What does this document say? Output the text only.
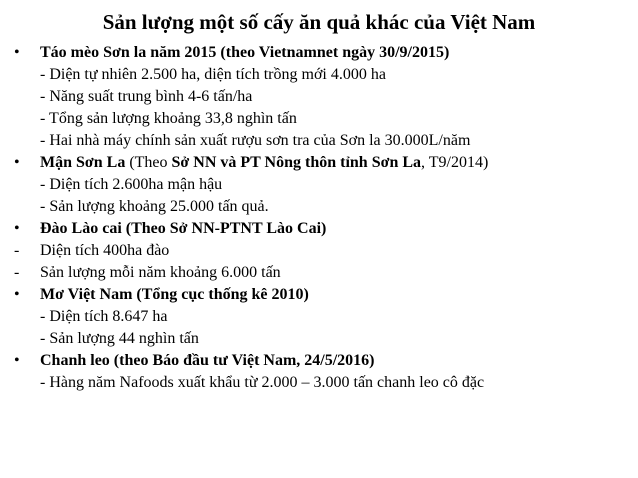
Sản lượng một số cấy ăn quả khác của Việt Nam
•	Táo mèo Sơn la năm 2015 (theo Vietnamnet ngày 30/9/2015)
- Diện tự nhiên 2.500 ha, diện tích trồng mới 4.000 ha
- Năng suất trung bình 4-6 tấn/ha
- Tổng sản lượng khoảng 33,8 nghìn tấn
- Hai nhà máy chính sản xuất rượu sơn tra của Sơn la 30.000L/năm
•	Mận Sơn La (Theo Sở NN và PT Nông thôn tỉnh Sơn La, T9/2014)
- Diện tích 2.600ha mận hậu
- Sản lượng khoảng 25.000 tấn quả.
•	Đào Lào cai (Theo Sở NN-PTNT Lào Cai)
-	Diện tích 400ha đào
-	Sản lượng mỗi năm khoảng 6.000 tấn
•	Mơ Việt Nam (Tổng cục thống kê 2010)
- Diện tích 8.647 ha
- Sản lượng 44 nghìn tấn
•	Chanh leo (theo Báo đầu tư Việt Nam, 24/5/2016)
- Hàng năm Nafoods xuất khẩu từ 2.000 – 3.000 tấn chanh leo cô đặc
